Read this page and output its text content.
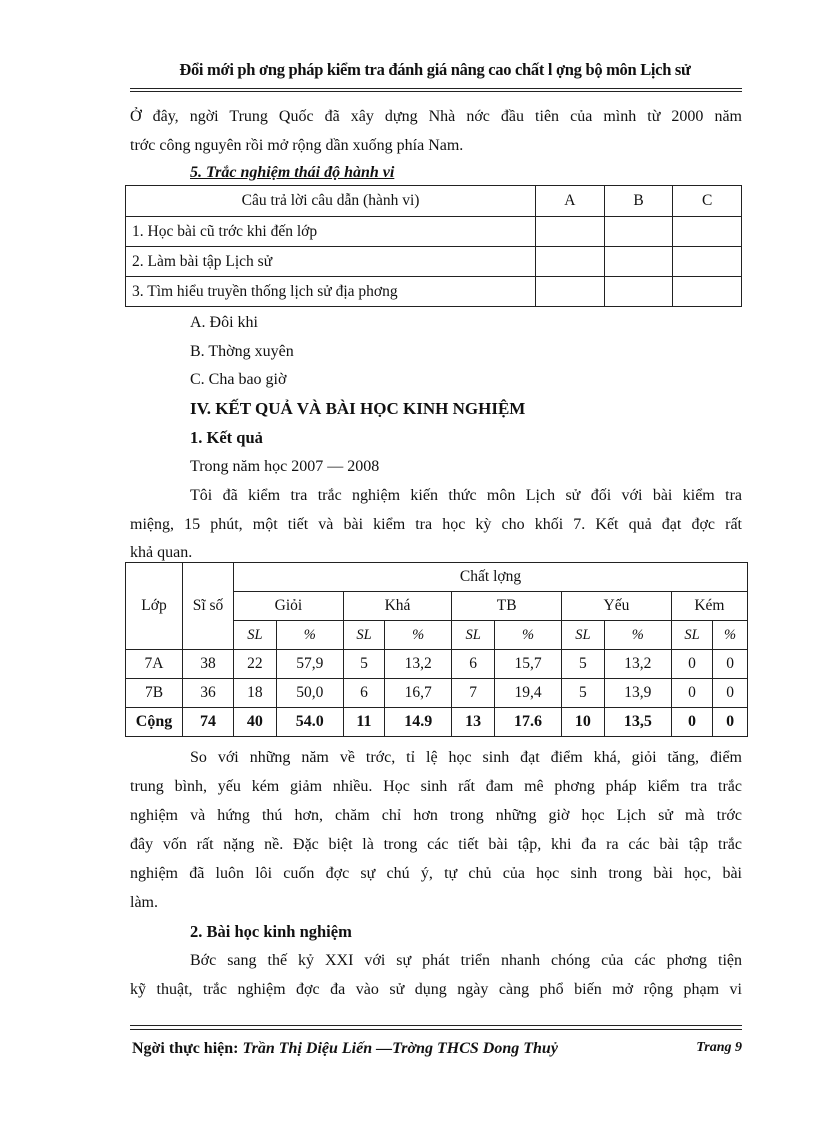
Đổi mới ph ơng pháp kiểm tra đánh giá nâng cao chất l ợng bộ môn Lịch sử
Ở đây, ngời Trung Quốc đã xây dựng Nhà nớc đầu tiên của mình từ 2000 năm
trớc công nguyên rồi mở rộng dần xuống phía Nam.
5. Trắc nghiệm thái độ hành vi
Câu trả lời câu dẫn (hành vi)	A	B	C
1. Học bài cũ trớc khi đến lớp			
2. Làm bài tập Lịch sử			
3. Tìm hiểu truyền thống lịch sử địa phơng			
A. Đôi khi
B. Thờng xuyên
C. Cha bao giờ
IV. KẾT QUẢ VÀ BÀI HỌC KINH NGHIỆM
1. Kết quả
Trong năm học 2007 — 2008
Tôi đã kiểm tra trắc nghiệm kiến thức môn Lịch sử đối với bài kiểm tra
miệng, 15 phút, một tiết và bài kiểm tra học kỳ cho khối 7. Kết quả đạt đợc rất
khả quan.
Lớp	Sĩ số	Chất lợng									
		Giỏi		Khá		TB		Yếu		Kém	
		SL	%	SL	%	SL	%	SL	%	SL	%
7A	38	22	57,9	5	13,2	6	15,7	5	13,2	0	0
7B	36	18	50,0	6	16,7	7	19,4	5	13,9	0	0
Cộng	74	40	54.0	11	14.9	13	17.6	10	13,5	0	0
So với những năm về trớc, tỉ lệ học sinh đạt điểm khá, giỏi tăng, điểm
trung bình, yếu kém giảm nhiều. Học sinh rất đam mê phơng pháp kiểm tra trắc
nghiệm và hứng thú hơn, chăm chỉ hơn trong những giờ học Lịch sử mà trớc
đây vốn rất nặng nề. Đặc biệt là trong các tiết bài tập, khi đa ra các bài tập trắc
nghiệm đã luôn lôi cuốn đợc sự chú ý, tự chủ của học sinh trong bài học, bài
làm.
2. Bài học kinh nghiệm
Bớc sang thế kỷ XXI với sự phát triển nhanh chóng của các phơng tiện
kỹ thuật, trắc nghiệm đợc đa vào sử dụng ngày càng phổ biến mở rộng phạm vi
Ngời thực hiện: Trần Thị Diệu Liến —Trờng THCS Dong Thuỷ	Trang 9
